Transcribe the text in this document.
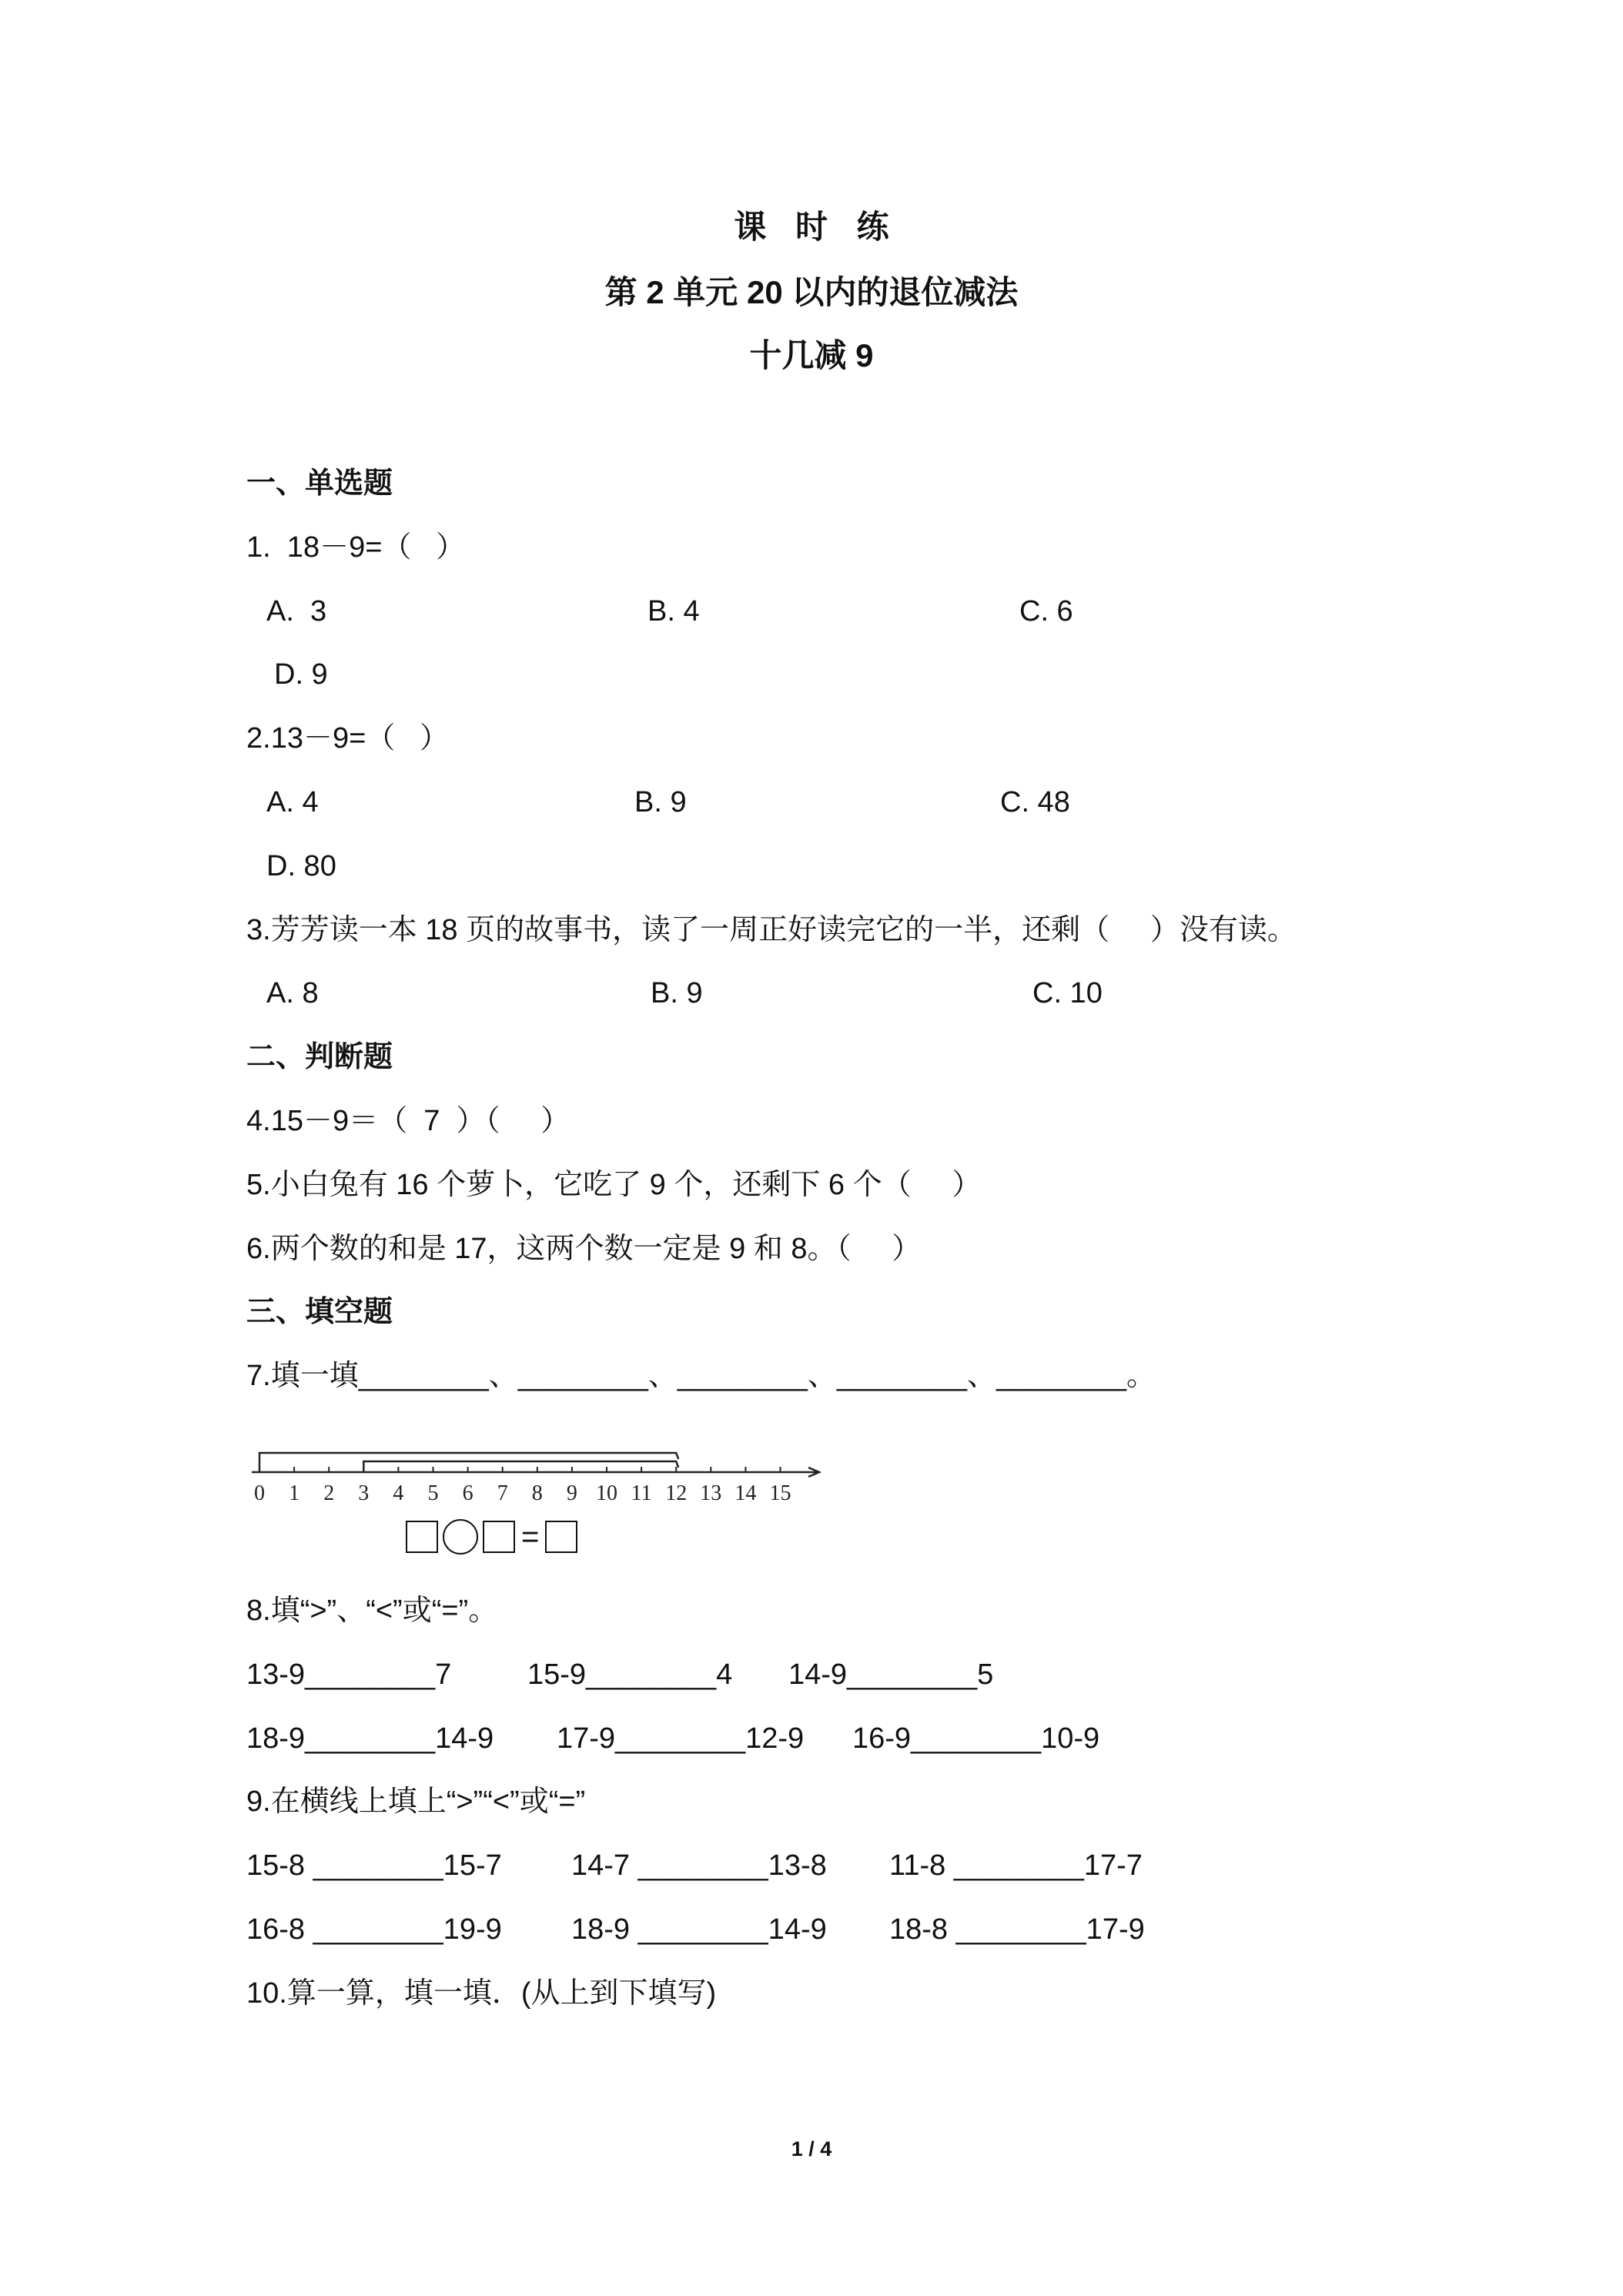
课 时 练
第 2 单元 20 以内的退位减法
十几减 9
一、单选题
1.  18－9=（   ）

A.  3

	B. 4

	C. 6

D. 9

2.13－9=（   ）

A. 4

	B. 9

	C. 48

D. 80

3.芳芳读一本 18 页的故事书，读了一周正好读完它的一半，还剩（     ）没有读。

A. 8

	B. 9

	C. 10

二、判断题
4.15－9＝（  7  ）（     ）
5.小白兔有 16 个萝卜，它吃了 9 个，还剩下 6 个（     ）
6.两个数的和是 17，这两个数一定是 9 和 8。（     ）
三、填空题
7.填一填________、________、________、________、________。
0 1 2 3 4 5 6 7 8 9 10 11 12 13 14 15
=
8.填“>”、“<”或“=”。

13-9________7

	15-9________4

14-9________5

18-9________14-9

17-9________12-9

16-9________10-9

9.在横线上填上“>”“<”或“=”

15-8 ________15-7

14-7 ________13-8

11-8 ________17-7

16-8 ________19-9

18-9 ________14-9

18-8 ________17-9

10.算一算，填一填．(从上到下填写)
1 / 4
